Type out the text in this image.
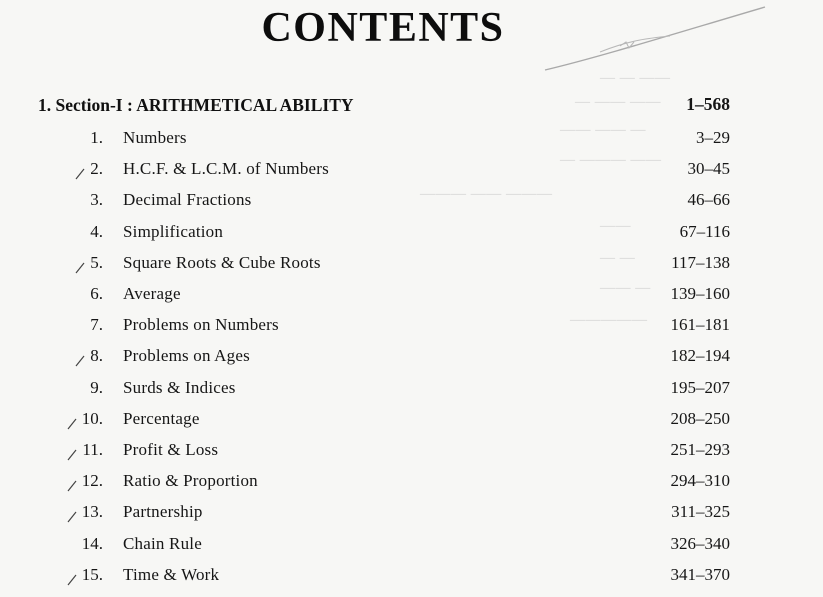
— — ——
— —— ——
—— —— —
— ——— ——
——— —— ———
——
— —
—— —
—————
CONTENTS
1. Section-I : ARITHMETICAL ABILITY	1–568
1. Numbers	3–29
2. H.C.F. & L.C.M. of Numbers	30–45
3. Decimal Fractions	46–66
4. Simplification	67–116
5. Square Roots & Cube Roots	117–138
6. Average	139–160
7. Problems on Numbers	161–181
8. Problems on Ages	182–194
9. Surds & Indices	195–207
10. Percentage	208–250
11. Profit & Loss	251–293
12. Ratio & Proportion	294–310
13. Partnership	311–325
14. Chain Rule	326–340
15. Time & Work	341–370
